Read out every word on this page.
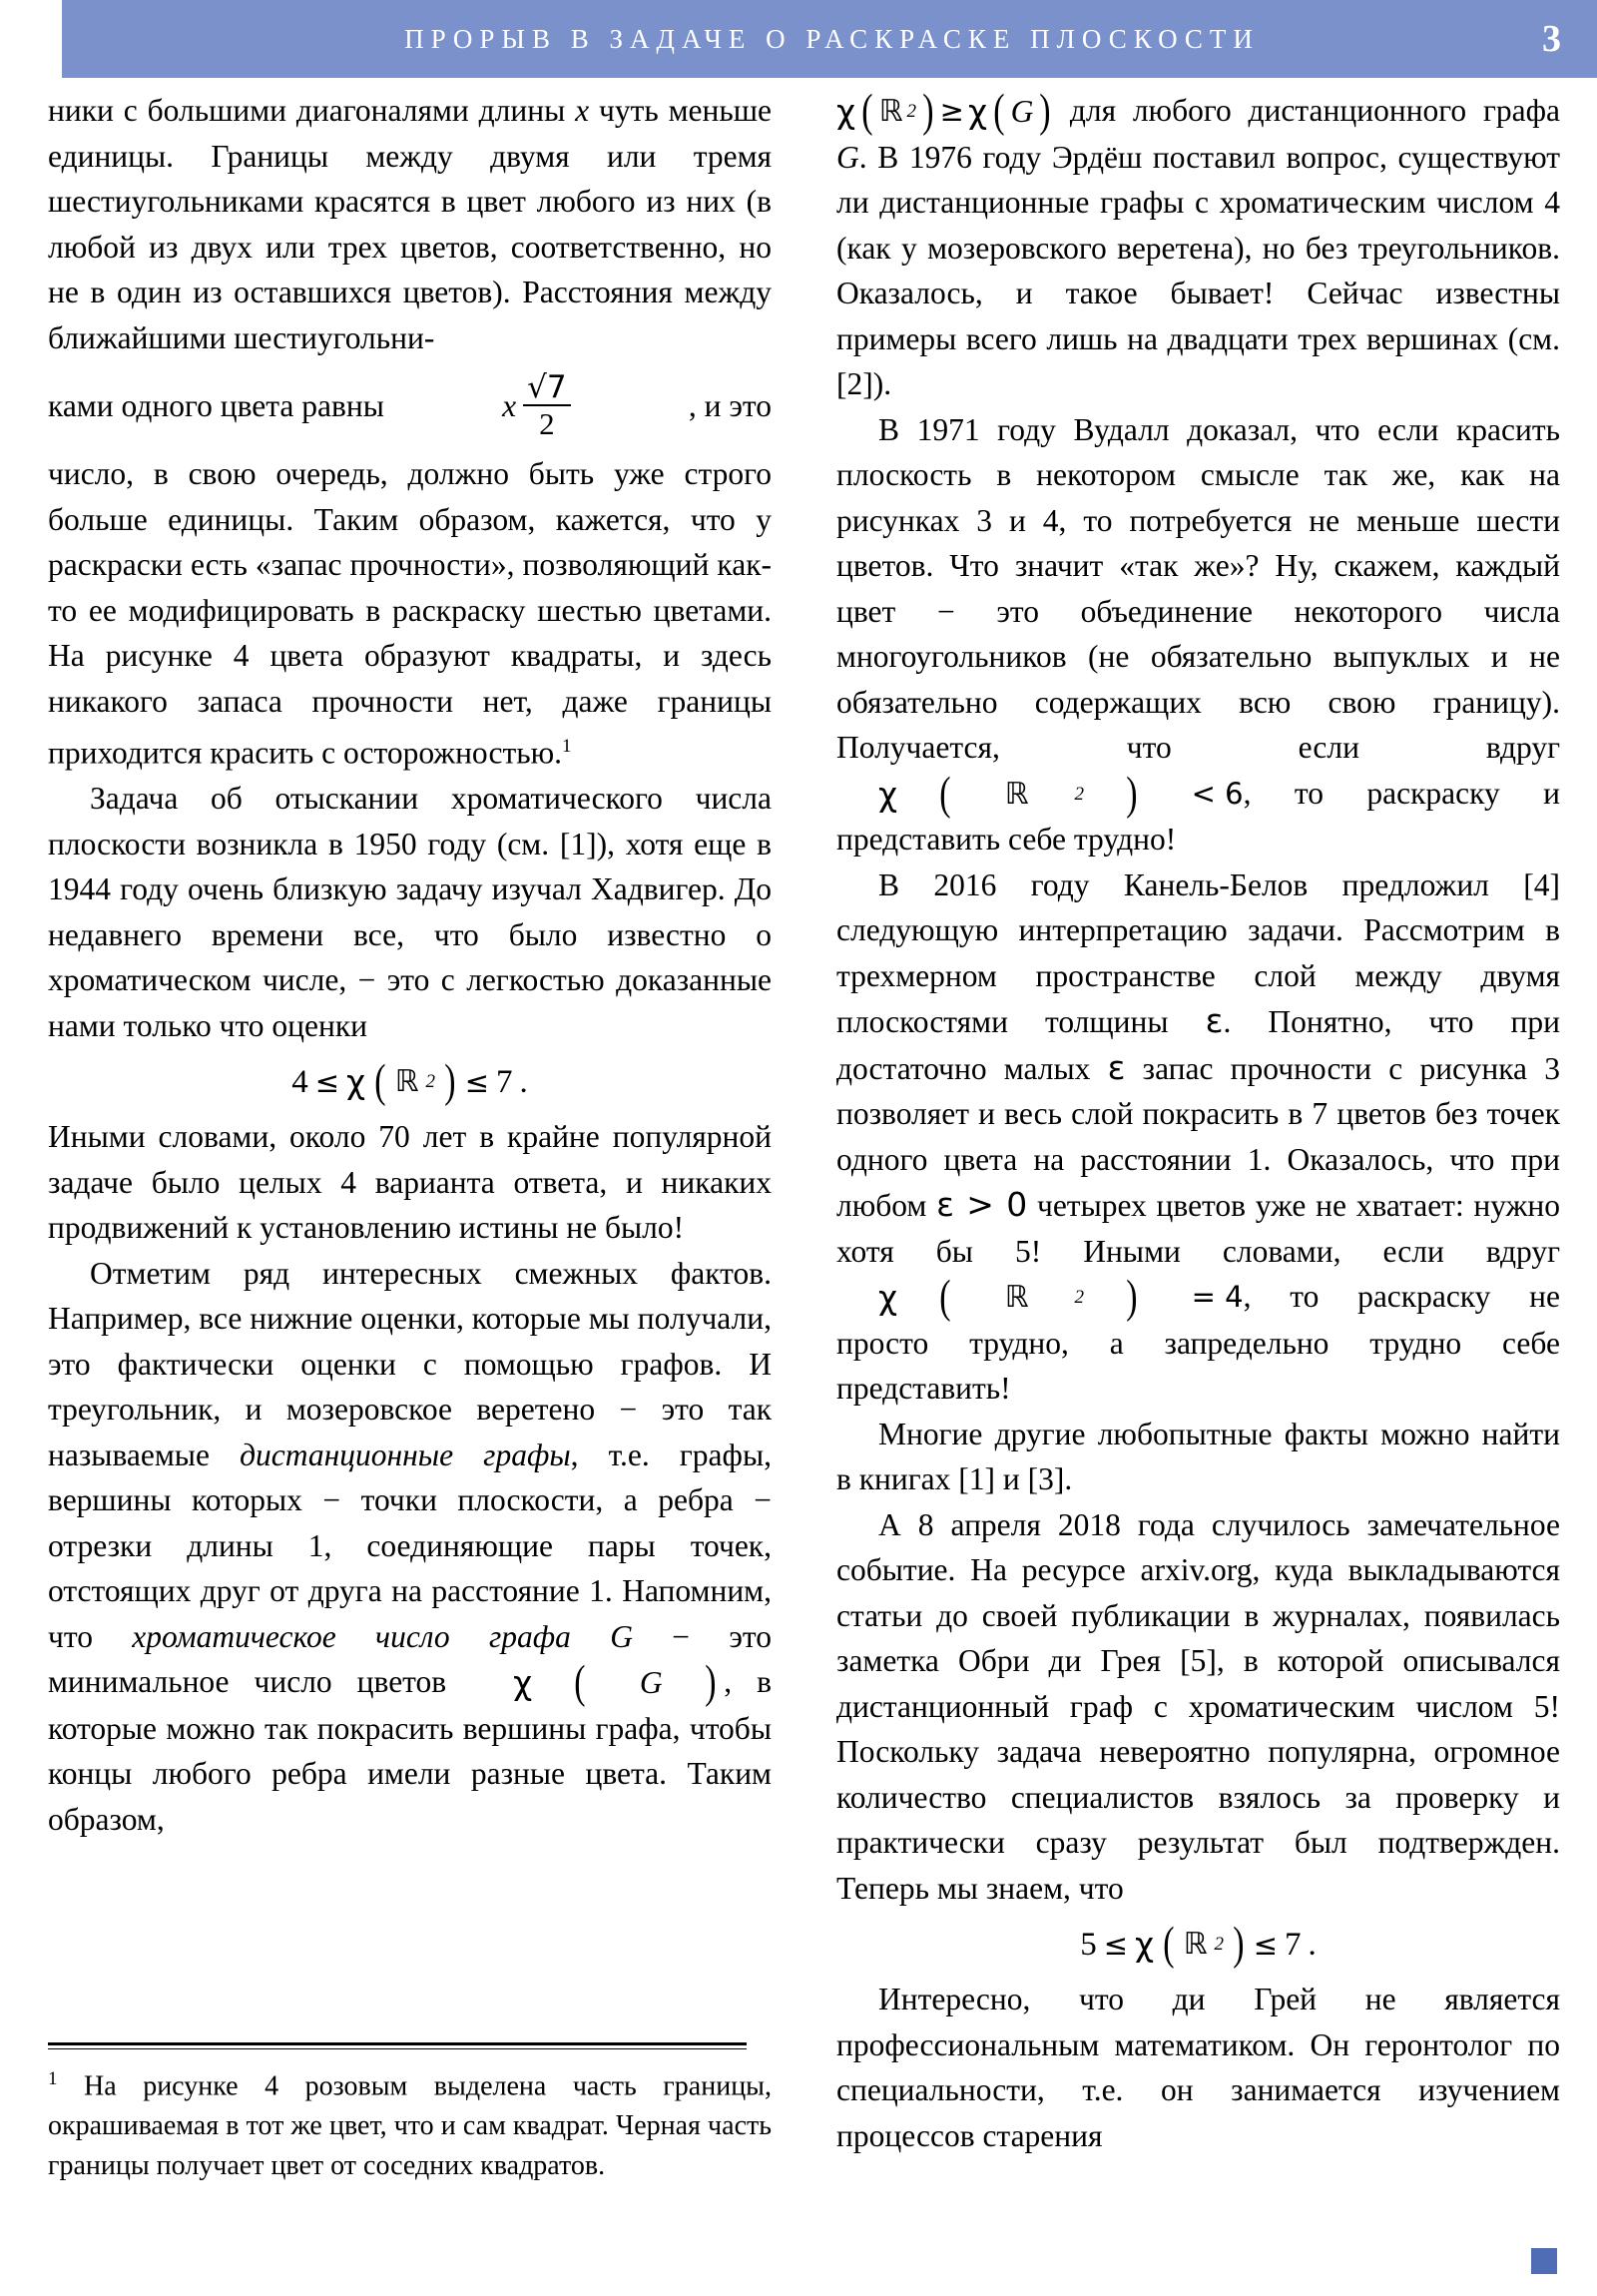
ПРОРЫВ В ЗАДАЧЕ О РАСКРАСКЕ ПЛОСКОСТИ	3

ники с большими диагоналями длины x чуть меньше единицы. Границы между двумя или тремя шестиугольниками красятся в цвет любого из них (в любой из двух или трех цветов, соответственно, но не в один из оставшихся цветов). Расстояния между ближайшими шестиугольни-

ками одного цвета равны	x $\frac{√7}{2}$	, и это

число, в свою очередь, должно быть уже строго больше единицы. Таким образом, кажется, что у раскраски есть «запас прочности», позволяющий как-то ее модифицировать в раскраску шестью цветами. На рисунке 4 цвета образуют квадраты, и здесь никакого запаса прочности нет, даже границы приходится красить с осторожностью.$^1$

Задача об отыскании хроматического числа плоскости возникла в 1950 году (см. [1]), хотя еще в 1944 году очень близкую задачу изучал Хадвигер. До недавнего времени все, что было известно о хроматическом числе, − это с легкостью доказанные нами только что оценки

4 ≤ χ ( ℝ 2 ) ≤ 7 .

Иными словами, около 70 лет в крайне популярной задаче было целых 4 варианта ответа, и никаких продвижений к установлению истины не было!

Отметим ряд интересных смежных фактов. Например, все нижние оценки, которые мы получали, это фактически оценки с помощью графов. И треугольник, и мозеровское веретено − это так называемые дистанционные графы, т.е. графы, вершины которых − точки плоскости, а ребра − отрезки длины 1, соединяющие пары точек, отстоящих друг от друга на расстояние 1. Напомним, что хроматическое число графа G − это минимальное число цветов	χ (	G ) , в которые можно так покрасить вершины графа, чтобы концы любого ребра имели разные цвета. Таким образом,

χ ( ℝ 2 ) ≥ χ ( G ) для любого дистанционного графа G. В 1976 году Эрдёш поставил вопрос, существуют ли дистанционные графы с хроматическим числом 4 (как у мозеровского веретена), но без треугольников. Оказалось, и такое бывает! Сейчас известны примеры всего лишь на двадцати трех вершинах (см. [2]).

В 1971 году Вудалл доказал, что если красить плоскость в некотором смысле так же, как на рисунках 3 и 4, то потребуется не меньше шести цветов. Что значит «так же»? Ну, скажем, каждый цвет − это объединение некоторого числа многоугольников (не обязательно выпуклых и не обязательно содержащих всю свою границу). Получается, что если вдруг
χ (	ℝ	2 )	< 6 , то раскраску и представить себе трудно!

В 2016 году Канель-Белов предложил [4] следующую интерпретацию задачи. Рассмотрим в трехмерном пространстве слой между двумя плоскостями толщины ε. Понятно, что при достаточно малых ε запас прочности с рисунка 3 позволяет и весь слой покрасить в 7 цветов без точек одного цвета на расстоянии 1. Оказалось, что при любом ε > 0 четырех цветов уже не хватает: нужно хотя бы 5! Иными словами, если вдруг
χ (	ℝ	2 )	= 4 , то раскраску не просто трудно, а запредельно трудно себе представить!

Многие другие любопытные факты можно найти в книгах [1] и [3].

А 8 апреля 2018 года случилось замечательное событие. На ресурсе arxiv.org, куда выкладываются статьи до своей публикации в журналах, появилась заметка Обри ди Грея [5], в которой описывался дистанционный граф с хроматическим числом 5! Поскольку задача невероятно популярна, огромное количество специалистов взялось за проверку и практически сразу результат был подтвержден. Теперь мы знаем, что

5 ≤ χ ( ℝ 2 ) ≤ 7 .

Интересно, что ди Грей не является профессиональным математиком. Он геронтолог по специальности, т.е. он занимается изучением процессов старения

$^1$ На рисунке 4 розовым выделена часть границы, окрашиваемая в тот же цвет, что и сам квадрат. Черная часть границы получает цвет от соседних квадратов.
